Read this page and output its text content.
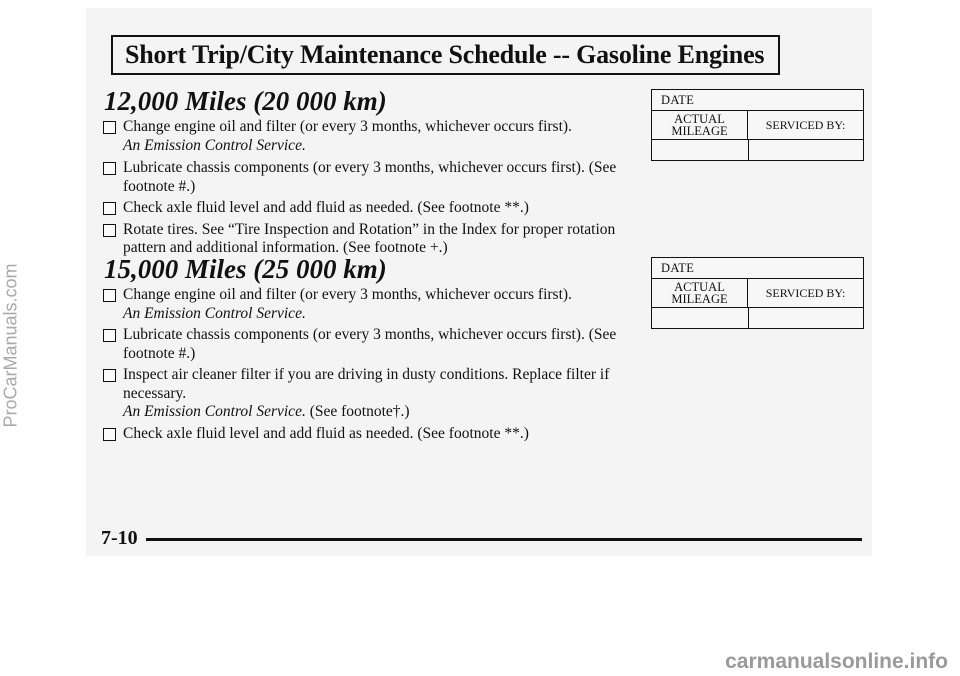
Short Trip/City Maintenance Schedule -- Gasoline Engines
12,000 Miles (20 000 km)
Change engine oil and filter (or every 3 months, whichever occurs first).
An Emission Control Service.
Lubricate chassis components (or every 3 months, whichever occurs first). (See footnote #.)
Check axle fluid level and add fluid as needed. (See footnote **.)
Rotate tires. See “Tire Inspection and Rotation” in the Index for proper rotation pattern and additional information. (See footnote +.)
15,000 Miles (25 000 km)
Change engine oil and filter (or every 3 months, whichever occurs first).
An Emission Control Service.
Lubricate chassis components (or every 3 months, whichever occurs first). (See footnote #.)
Inspect air cleaner filter if you are driving in dusty conditions. Replace filter if necessary.
An Emission Control Service. (See footnote†.)
Check axle fluid level and add fluid as needed. (See footnote **.)
DATE
ACTUAL
MILEAGE	SERVICED BY:
DATE
ACTUAL
MILEAGE	SERVICED BY:
7-10
ProCarManuals.com
carmanualsonline.info
